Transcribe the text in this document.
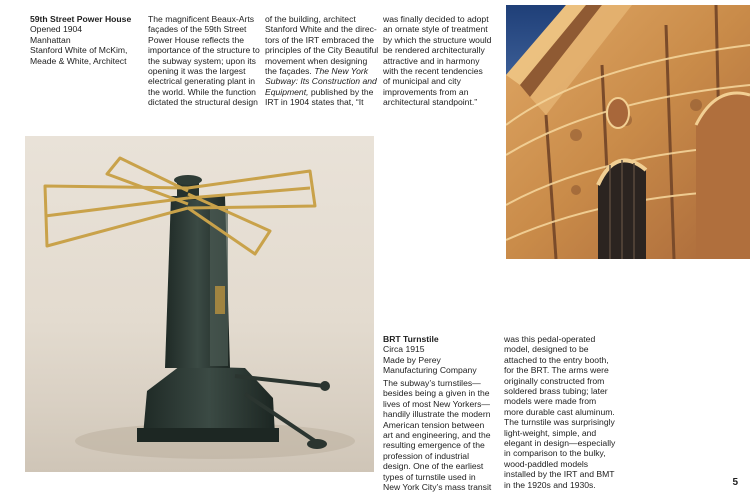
59th Street Power House

Opened 1904

Manhattan

Stanford White of McKim,

Meade & White, Architect

The magnificent Beaux-Arts

façades of the 59th Street

Power House reflects the

importance of the structure to

the subway system; upon its

opening it was the largest

electrical generating plant in

the world. While the function

dictated the structural design

of the building, architect

Stanford White and the direc-

tors of the IRT embraced the

principles of the City Beautiful

movement when designing

the façades. The New York

Subway: Its Construction and

Equipment, published by the

IRT in 1904 states that, “It

was finally decided to adopt

an ornate style of treatment

by which the structure would

be rendered architecturally

attractive and in harmony

with the recent tendencies

of municipal and city

improvements from an

architectural standpoint.”

BRT Turnstile

Circa 1915

Made by Perey

Manufacturing Company

The subway’s turnstiles—

besides being a given in the

lives of most New Yorkers—

handily illustrate the modern

American tension between

art and engineering, and the

resulting emergence of the

profession of industrial

design. One of the earliest

types of turnstile used in

New York City’s mass transit

was this pedal-operated

model, designed to be

attached to the entry booth,

for the BRT. The arms were

originally constructed from

soldered brass tubing; later

models were made from

more durable cast aluminum.

The turnstile was surprisingly

light-weight, simple, and

elegant in design—especially

in comparison to the bulky,

wood-paddled models

installed by the IRT and BMT

in the 1920s and 1930s.	5
